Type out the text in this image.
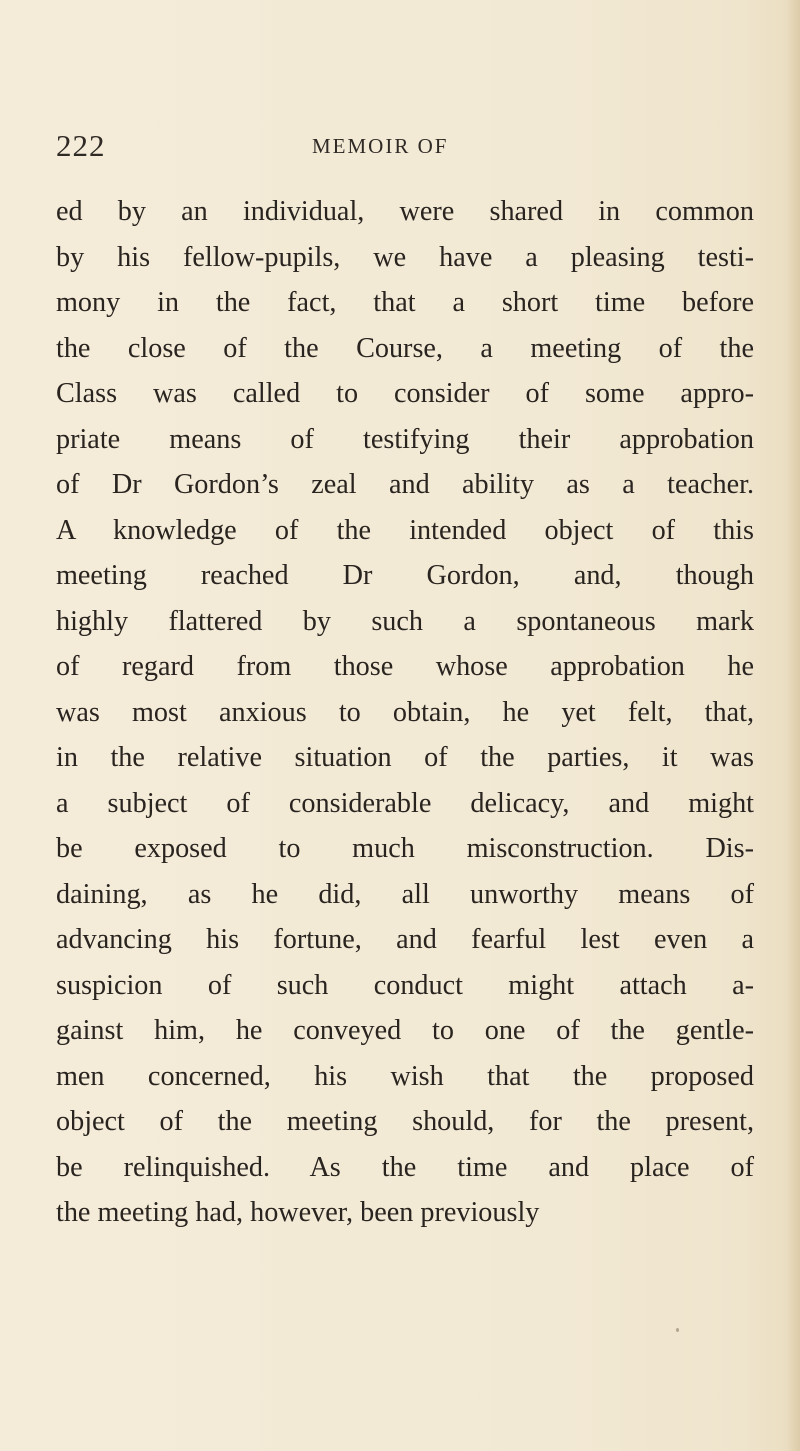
222	MEMOIR OF
ed by an individual, were shared in common
by his fellow-pupils, we have a pleasing testi-
mony in the fact, that a short time before
the close of the Course, a meeting of the
Class was called to consider of some appro-
priate means of testifying their approbation
of Dr Gordon’s zeal and ability as a teacher.
A knowledge of the intended object of this
meeting reached Dr Gordon, and, though
highly flattered by such a spontaneous mark
of regard from those whose approbation he
was most anxious to obtain, he yet felt, that,
in the relative situation of the parties, it was
a subject of considerable delicacy, and might
be exposed to much misconstruction. Dis-
daining, as he did, all unworthy means of
advancing his fortune, and fearful lest even a
suspicion of such conduct might attach a-
gainst him, he conveyed to one of the gentle-
men concerned, his wish that the proposed
object of the meeting should, for the present,
be relinquished. As the time and place of
the meeting had, however, been previously
